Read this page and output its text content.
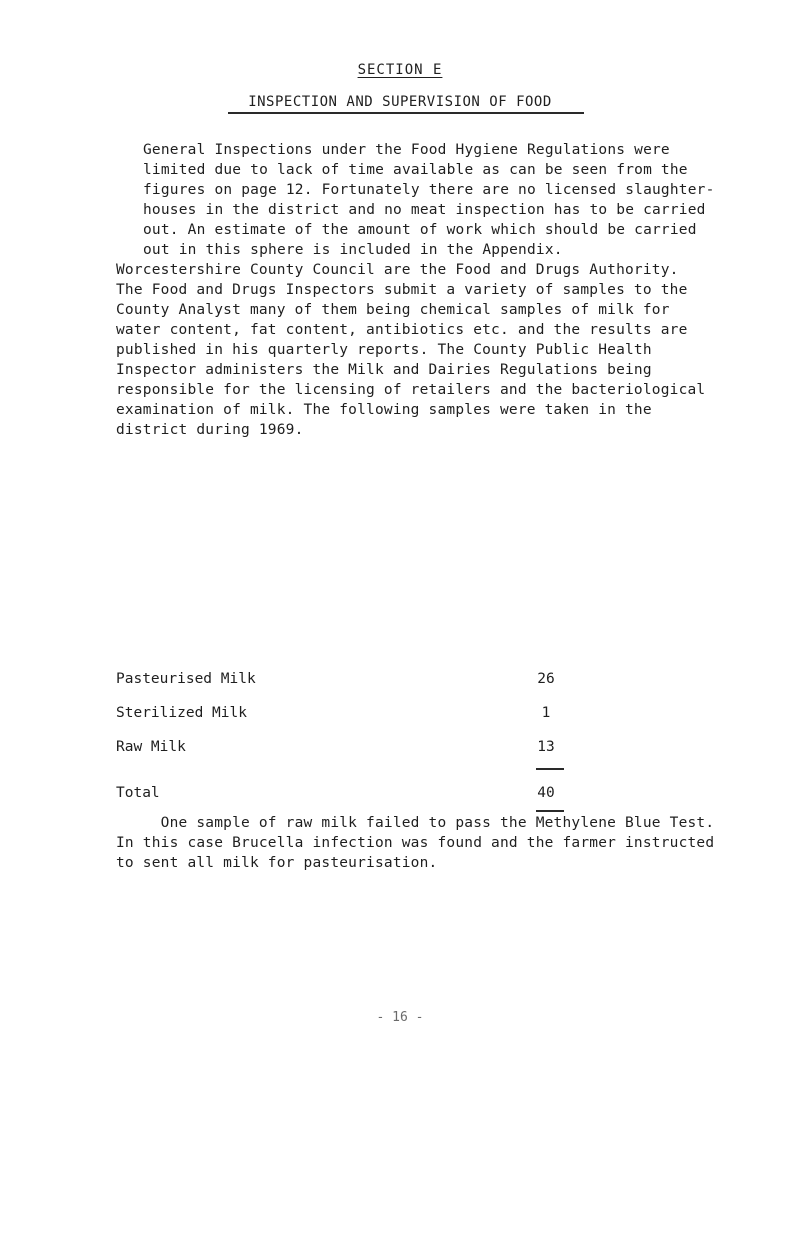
SECTION E
INSPECTION AND SUPERVISION OF FOOD
General Inspections under the Food Hygiene Regulations were
limited due to lack of time available as can be seen from the
figures on page 12. Fortunately there are no licensed slaughter-
houses in the district and no meat inspection has to be carried
out. An estimate of the amount of work which should be carried
out in this sphere is included in the Appendix.
Worcestershire County Council are the Food and Drugs Authority.
The Food and Drugs Inspectors submit a variety of samples to the
County Analyst many of them being chemical samples of milk for
water content, fat content, antibiotics etc. and the results are
published in his quarterly reports. The County Public Health
Inspector administers the Milk and Dairies Regulations being
responsible for the licensing of retailers and the bacteriological
examination of milk. The following samples were taken in the
district during 1969.
Pasteurised Milk	26
Sterilized Milk	1
Raw Milk	13
Total	40
One sample of raw milk failed to pass the Methylene Blue Test.
In this case Brucella infection was found and the farmer instructed
to sent all milk for pasteurisation.
- 16 -
